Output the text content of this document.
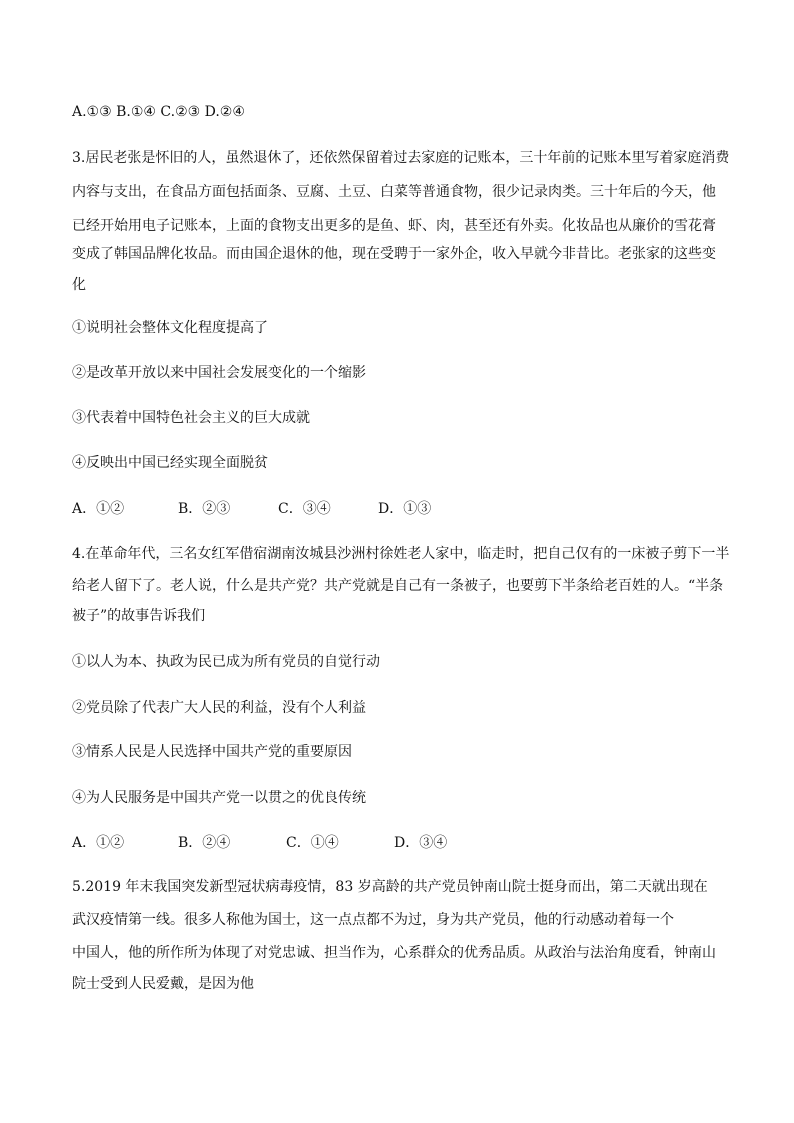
A.①③ B.①④ C.②③ D.②④
3.居民老张是怀旧的人，虽然退休了，还依然保留着过去家庭的记账本，三十年前的记账本里写着家庭消费
内容与支出，在食品方面包括面条、豆腐、土豆、白菜等普通食物，很少记录肉类。三十年后的今天，他
已经开始用电子记账本，上面的食物支出更多的是鱼、虾、肉，甚至还有外卖。化妆品也从廉价的雪花膏
变成了韩国品牌化妆品。而由国企退休的他，现在受聘于一家外企，收入早就今非昔比。老张家的这些变
化
①说明社会整体文化程度提高了
②是改革开放以来中国社会发展变化的一个缩影
③代表着中国特色社会主义的巨大成就
④反映出中国已经实现全面脱贫
A．①②	B．②③	C．③④	D．①③
4.在革命年代，三名女红军借宿湖南汝城县沙洲村徐姓老人家中，临走时，把自己仅有的一床被子剪下一半
给老人留下了。老人说，什么是共产党？共产党就是自己有一条被子，也要剪下半条给老百姓的人。“半条
被子”的故事告诉我们
①以人为本、执政为民已成为所有党员的自觉行动
②党员除了代表广大人民的利益，没有个人利益
③情系人民是人民选择中国共产党的重要原因
④为人民服务是中国共产党一以贯之的优良传统
A．①②	B．②④	C．①④	D．③④
5.2019 年末我国突发新型冠状病毒疫情，83 岁高龄的共产党员钟南山院士挺身而出，第二天就出现在
武汉疫情第一线。很多人称他为国士，这一点点都不为过，身为共产党员，他的行动感动着每一个
中国人，他的所作所为体现了对党忠诚、担当作为，心系群众的优秀品质。从政治与法治角度看，钟南山
院士受到人民爱戴，是因为他
